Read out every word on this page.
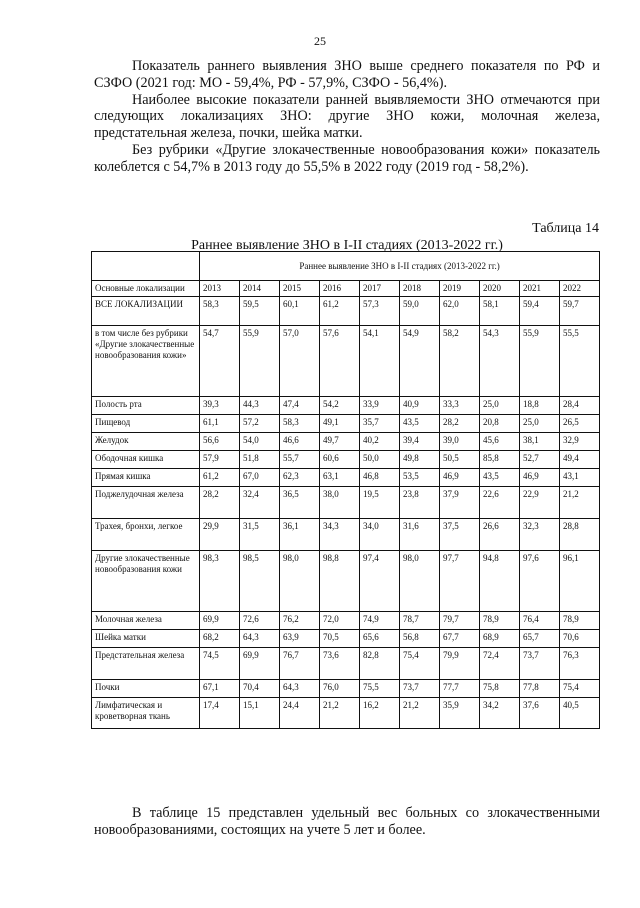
25

Показатель раннего выявления ЗНО выше среднего показателя по РФ и СЗФО (2021 год: МО - 59,4%, РФ - 57,9%, СЗФО - 56,4%).

Наиболее высокие показатели ранней выявляемости ЗНО отмечаются при следующих локализациях ЗНО: другие ЗНО кожи, молочная железа, предстательная железа, почки, шейка матки.

Без рубрики «Другие злокачественные новообразования кожи» показатель колеблется с 54,7% в 2013 году до 55,5% в 2022 году (2019 год - 58,2%).

Таблица 14
Раннее выявление ЗНО в I-II стадиях (2013-2022 гг.)
	Раннее выявление ЗНО в I-II стадиях (2013-2022 гг.)									
Основные локализации	2013	2014	2015	2016	2017	2018	2019	2020	2021	2022
ВСЕ ЛОКАЛИЗАЦИИ	58,3	59,5	60,1	61,2	57,3	59,0	62,0	58,1	59,4	59,7
в том числе без рубрики «Другие злокачественные новообразования кожи»	54,7	55,9	57,0	57,6	54,1	54,9	58,2	54,3	55,9	55,5
Полость рта	39,3	44,3	47,4	54,2	33,9	40,9	33,3	25,0	18,8	28,4
Пищевод	61,1	57,2	58,3	49,1	35,7	43,5	28,2	20,8	25,0	26,5
Желудок	56,6	54,0	46,6	49,7	40,2	39,4	39,0	45,6	38,1	32,9
Ободочная кишка	57,9	51,8	55,7	60,6	50,0	49,8	50,5	85,8	52,7	49,4
Прямая кишка	61,2	67,0	62,3	63,1	46,8	53,5	46,9	43,5	46,9	43,1
Поджелудочная железа	28,2	32,4	36,5	38,0	19,5	23,8	37,9	22,6	22,9	21,2
Трахея, бронхи, легкое	29,9	31,5	36,1	34,3	34,0	31,6	37,5	26,6	32,3	28,8
Другие злокачественные новообразования кожи	98,3	98,5	98,0	98,8	97,4	98,0	97,7	94,8	97,6	96,1
Молочная железа	69,9	72,6	76,2	72,0	74,9	78,7	79,7	78,9	76,4	78,9
Шейка матки	68,2	64,3	63,9	70,5	65,6	56,8	67,7	68,9	65,7	70,6
Предстательная железа	74,5	69,9	76,7	73,6	82,8	75,4	79,9	72,4	73,7	76,3
Почки	67,1	70,4	64,3	76,0	75,5	73,7	77,7	75,8	77,8	75,4
Лимфатическая и кроветворная ткань	17,4	15,1	24,4	21,2	16,2	21,2	35,9	34,2	37,6	40,5

В таблице 15 представлен удельный вес больных со злокачественными новообразованиями, состоящих на учете 5 лет и более.
